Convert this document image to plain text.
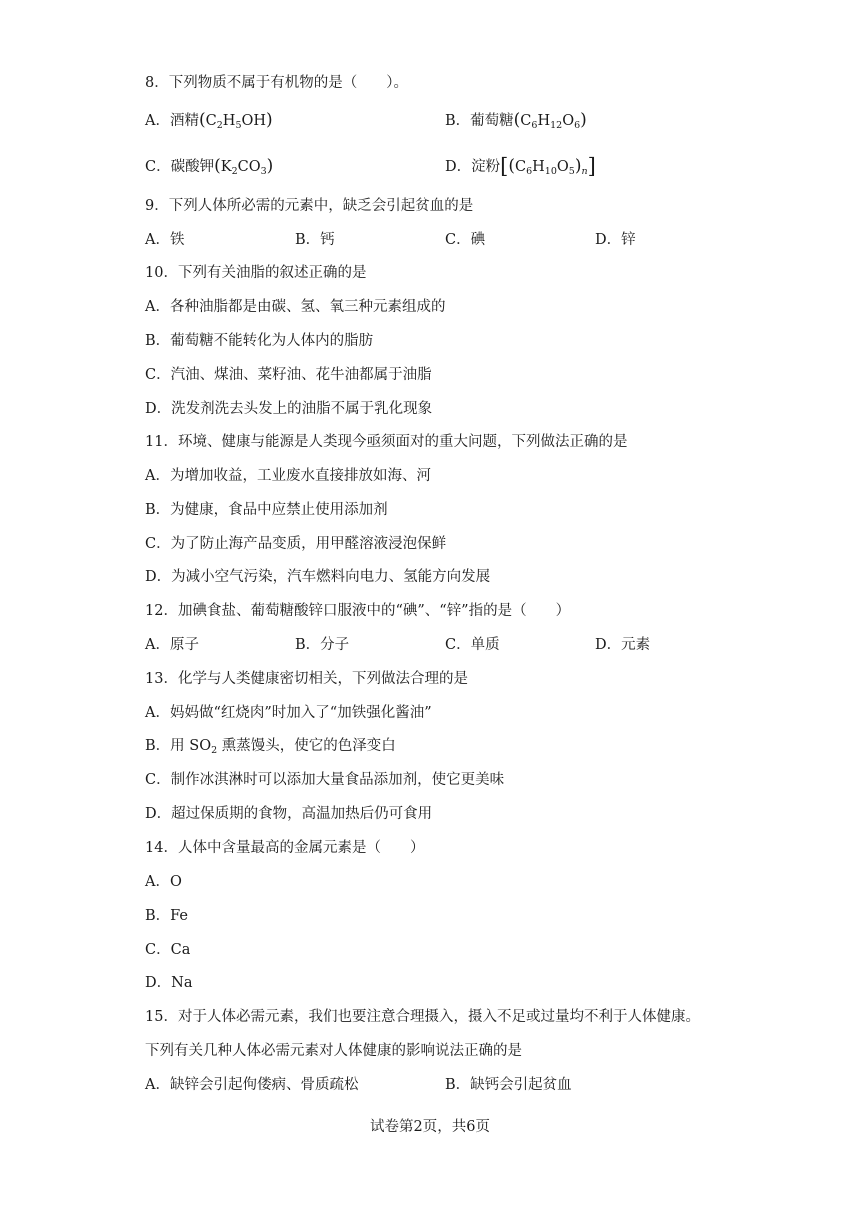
8．下列物质不属于有机物的是（　　）。
A．酒精$(C_2H_5OH)$	B．葡萄糖$(C_6H_{12}O_6)$
C．碳酸钾$(K_2CO_3)$	D．淀粉$[(C_6H_{10}O_5)_n]$
9．下列人体所必需的元素中，缺乏会引起贫血的是
A．铁	B．钙	C．碘	D．锌
10．下列有关油脂的叙述正确的是
A．各种油脂都是由碳、氢、氧三种元素组成的
B．葡萄糖不能转化为人体内的脂肪
C．汽油、煤油、菜籽油、花牛油都属于油脂
D．洗发剂洗去头发上的油脂不属于乳化现象
11．环境、健康与能源是人类现今亟须面对的重大问题，下列做法正确的是
A．为增加收益，工业废水直接排放如海、河
B．为健康，食品中应禁止使用添加剂
C．为了防止海产品变质，用甲醛溶液浸泡保鲜
D．为减小空气污染，汽车燃料向电力、氢能方向发展
12．加碘食盐、葡萄糖酸锌口服液中的“碘”、“锌”指的是（　　）
A．原子	B．分子	C．单质	D．元素
13．化学与人类健康密切相关，下列做法合理的是
A．妈妈做“红烧肉”时加入了“加铁强化酱油”
B．用 $SO_2$ 熏蒸馒头，使它的色泽变白
C．制作冰淇淋时可以添加大量食品添加剂，使它更美味
D．超过保质期的食物，高温加热后仍可食用
14．人体中含量最高的金属元素是（　　）
A．O
B．Fe
C．Ca
D．Na
15．对于人体必需元素，我们也要注意合理摄入，摄入不足或过量均不利于人体健康。
下列有关几种人体必需元素对人体健康的影响说法正确的是
A．缺锌会引起佝偻病、骨质疏松	B．缺钙会引起贫血
试卷第2页，共6页
